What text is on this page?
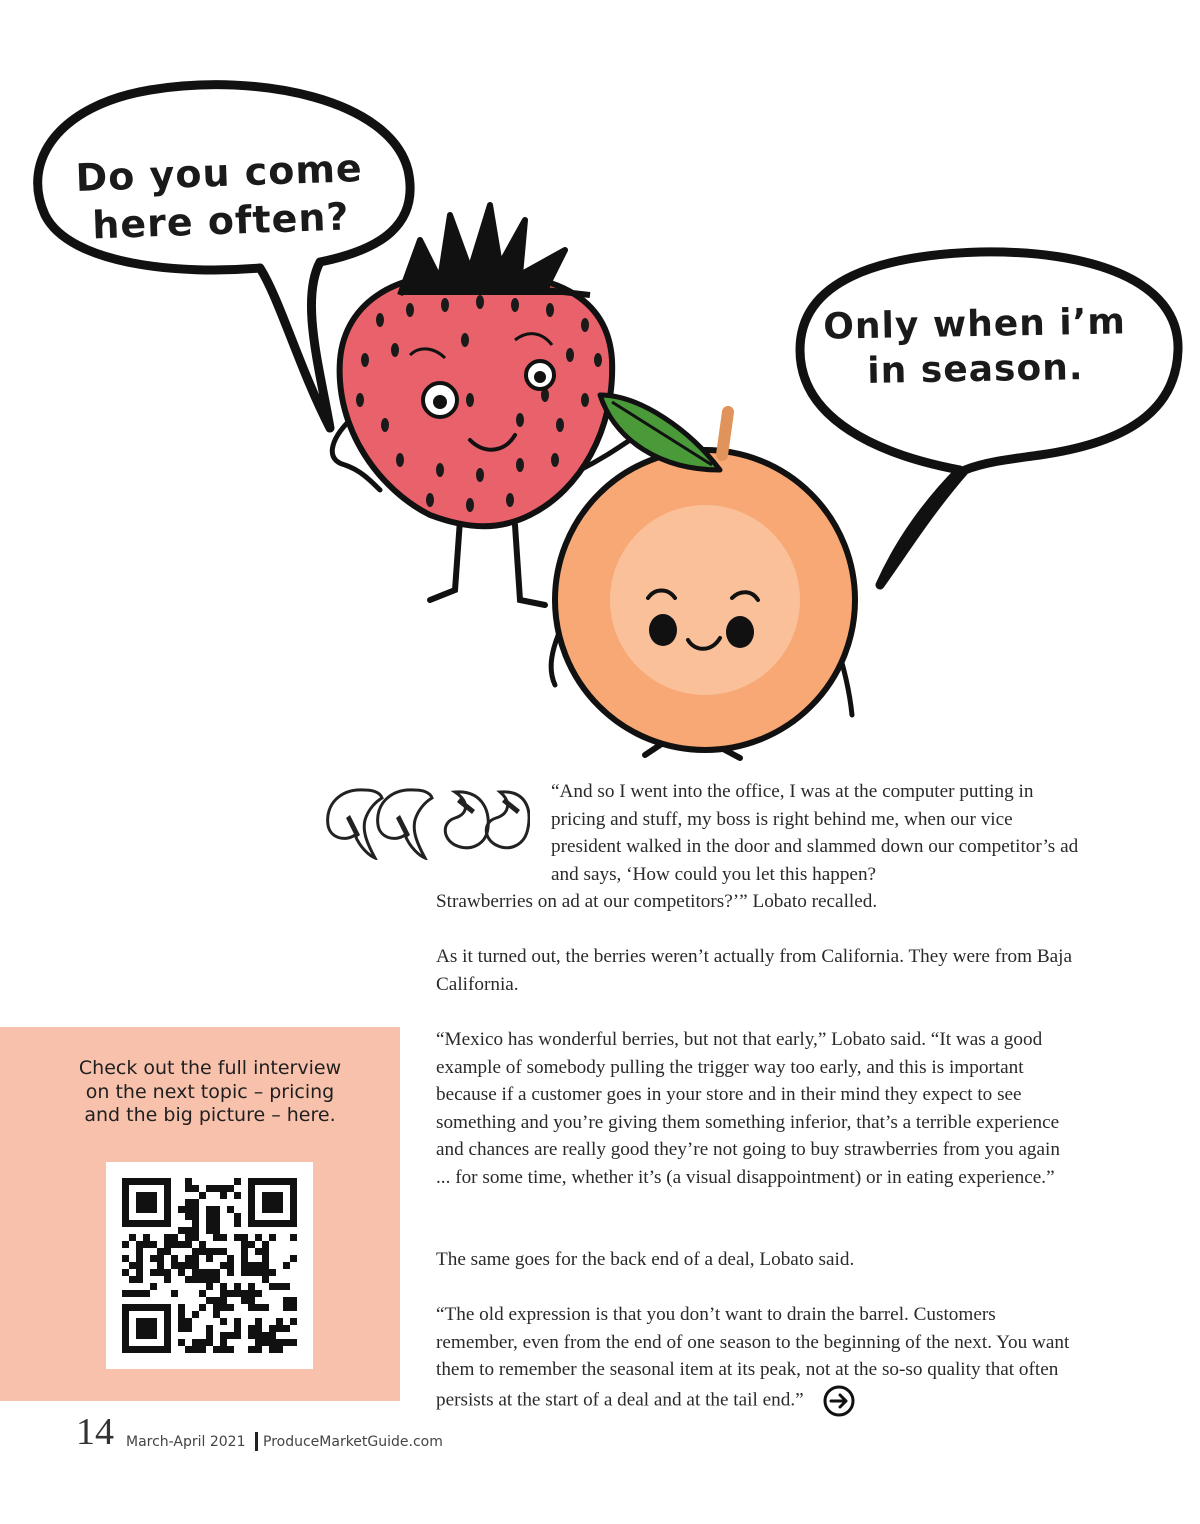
Do you come
here often?
Only when i’m
in season.
“And so I went into the office, I was at the computer putting in pricing and stuff, my boss is right behind me, when our vice president walked in the door and slammed down our competitor’s ad and says, ‘How could you let this happen?
Strawberries on ad at our competitors?’” Lobato recalled.
As it turned out, the berries weren’t actually from California. They were from Baja California.
“Mexico has wonderful berries, but not that early,” Lobato said. “It was a good example of somebody pulling the trigger way too early, and this is important because if a customer goes in your store and in their mind they expect to see something and you’re giving them something inferior, that’s a terrible experience and chances are really good they’re not going to buy strawberries from you again ... for some time, whether it’s (a visual disappointment) or in eating experience.”
The same goes for the back end of a deal, Lobato said.
“The old expression is that you don’t want to drain the barrel. Customers remember, even from the end of one season to the beginning of the next. You want them to remember the seasonal item at its peak, not at the so-so quality that often persists at the start of a deal and at the tail end.”
Check out the full interview on the next topic – pricing and the big picture – here.
14 March-April 2021 ProduceMarketGuide.com
